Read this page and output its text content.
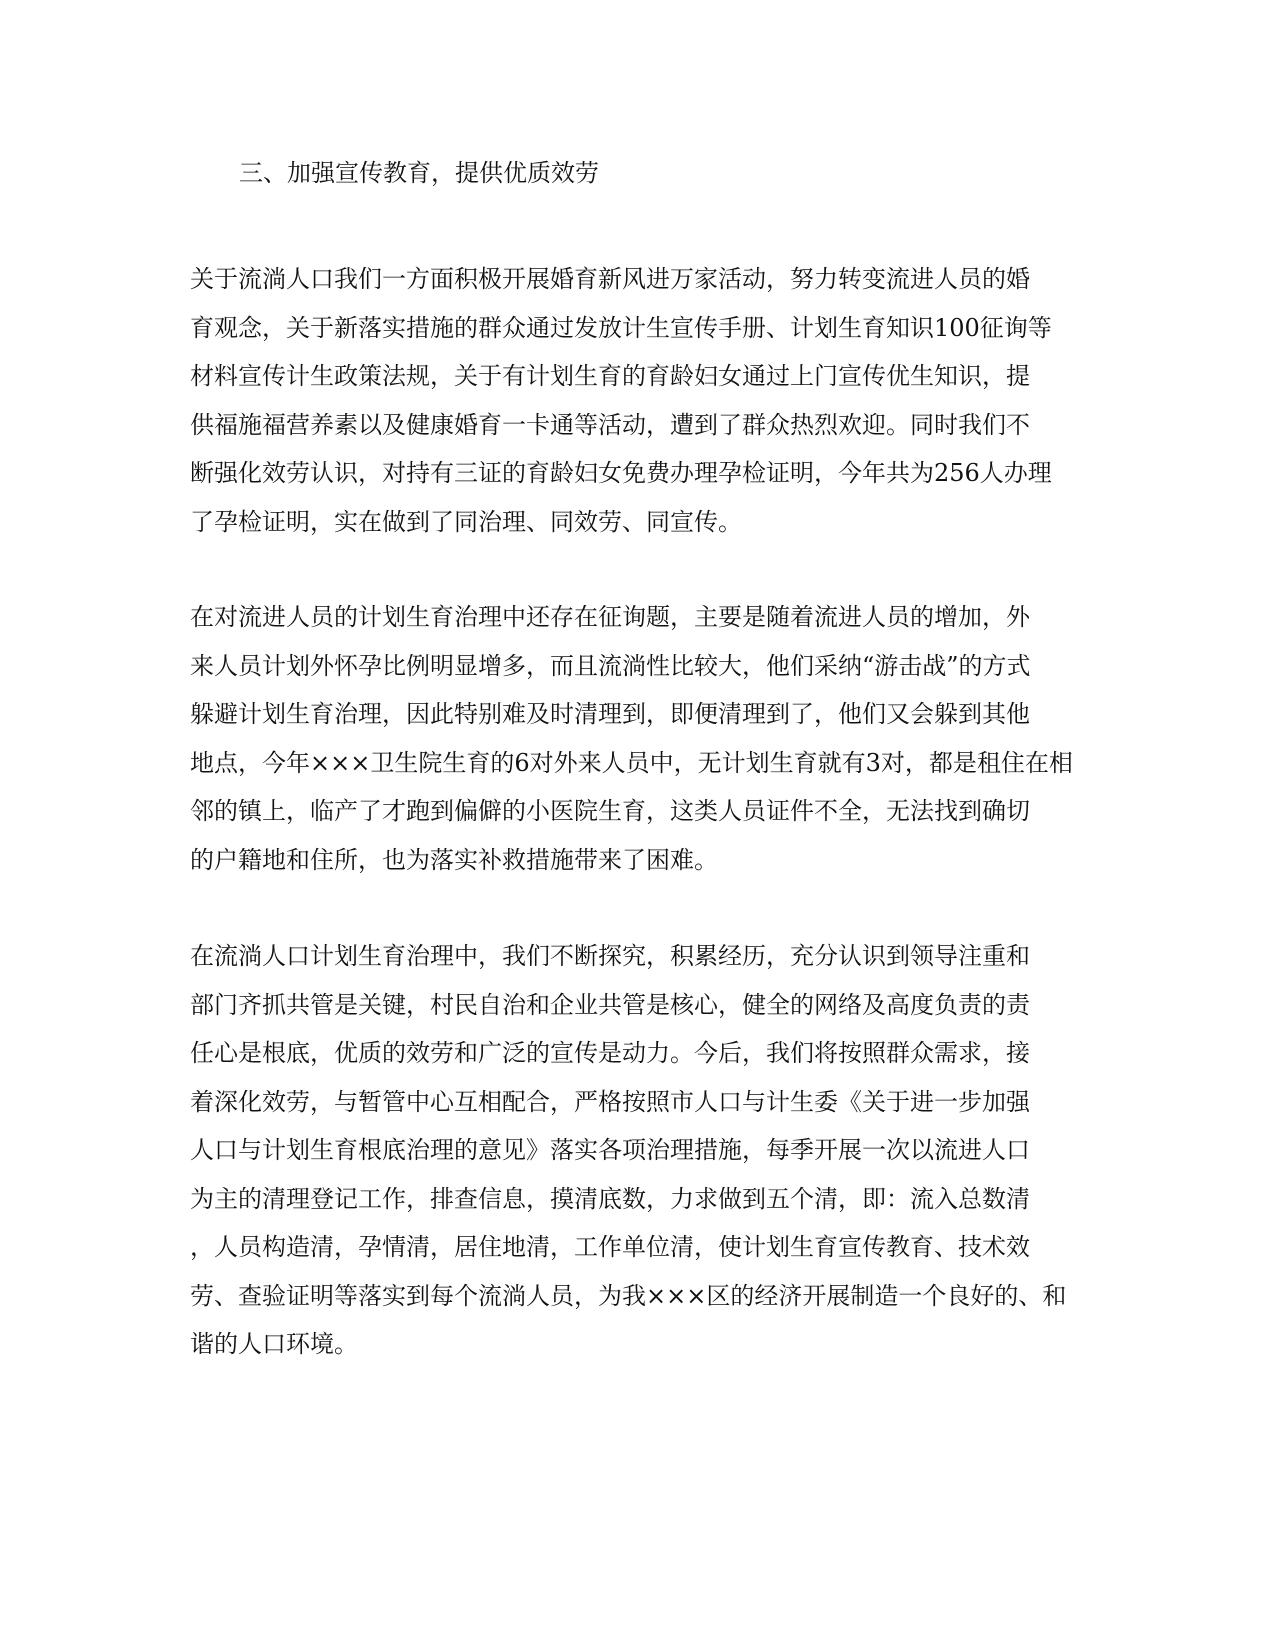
三、加强宣传教育，提供优质效劳

关于流淌人口我们一方面积极开展婚育新风进万家活动，努力转变流进人员的婚
育观念，关于新落实措施的群众通过发放计生宣传手册、计划生育知识100征询等
材料宣传计生政策法规，关于有计划生育的育龄妇女通过上门宣传优生知识，提
供福施福营养素以及健康婚育一卡通等活动，遭到了群众热烈欢迎。同时我们不
断强化效劳认识，对持有三证的育龄妇女免费办理孕检证明，今年共为256人办理
了孕检证明，实在做到了同治理、同效劳、同宣传。

在对流进人员的计划生育治理中还存在征询题，主要是随着流进人员的增加，外
来人员计划外怀孕比例明显增多，而且流淌性比较大，他们采纳“游击战”的方式
躲避计划生育治理，因此特别难及时清理到，即便清理到了，他们又会躲到其他
地点，今年×××卫生院生育的6对外来人员中，无计划生育就有3对，都是租住在相
邻的镇上，临产了才跑到偏僻的小医院生育，这类人员证件不全，无法找到确切
的户籍地和住所，也为落实补救措施带来了困难。

在流淌人口计划生育治理中，我们不断探究，积累经历，充分认识到领导注重和
部门齐抓共管是关键，村民自治和企业共管是核心，健全的网络及高度负责的责
任心是根底，优质的效劳和广泛的宣传是动力。今后，我们将按照群众需求，接
着深化效劳，与暂管中心互相配合，严格按照市人口与计生委《关于进一步加强
人口与计划生育根底治理的意见》落实各项治理措施，每季开展一次以流进人口
为主的清理登记工作，排查信息，摸清底数，力求做到五个清，即：流入总数清
，人员构造清，孕情清，居住地清，工作单位清，使计划生育宣传教育、技术效
劳、查验证明等落实到每个流淌人员，为我×××区的经济开展制造一个良好的、和
谐的人口环境。
